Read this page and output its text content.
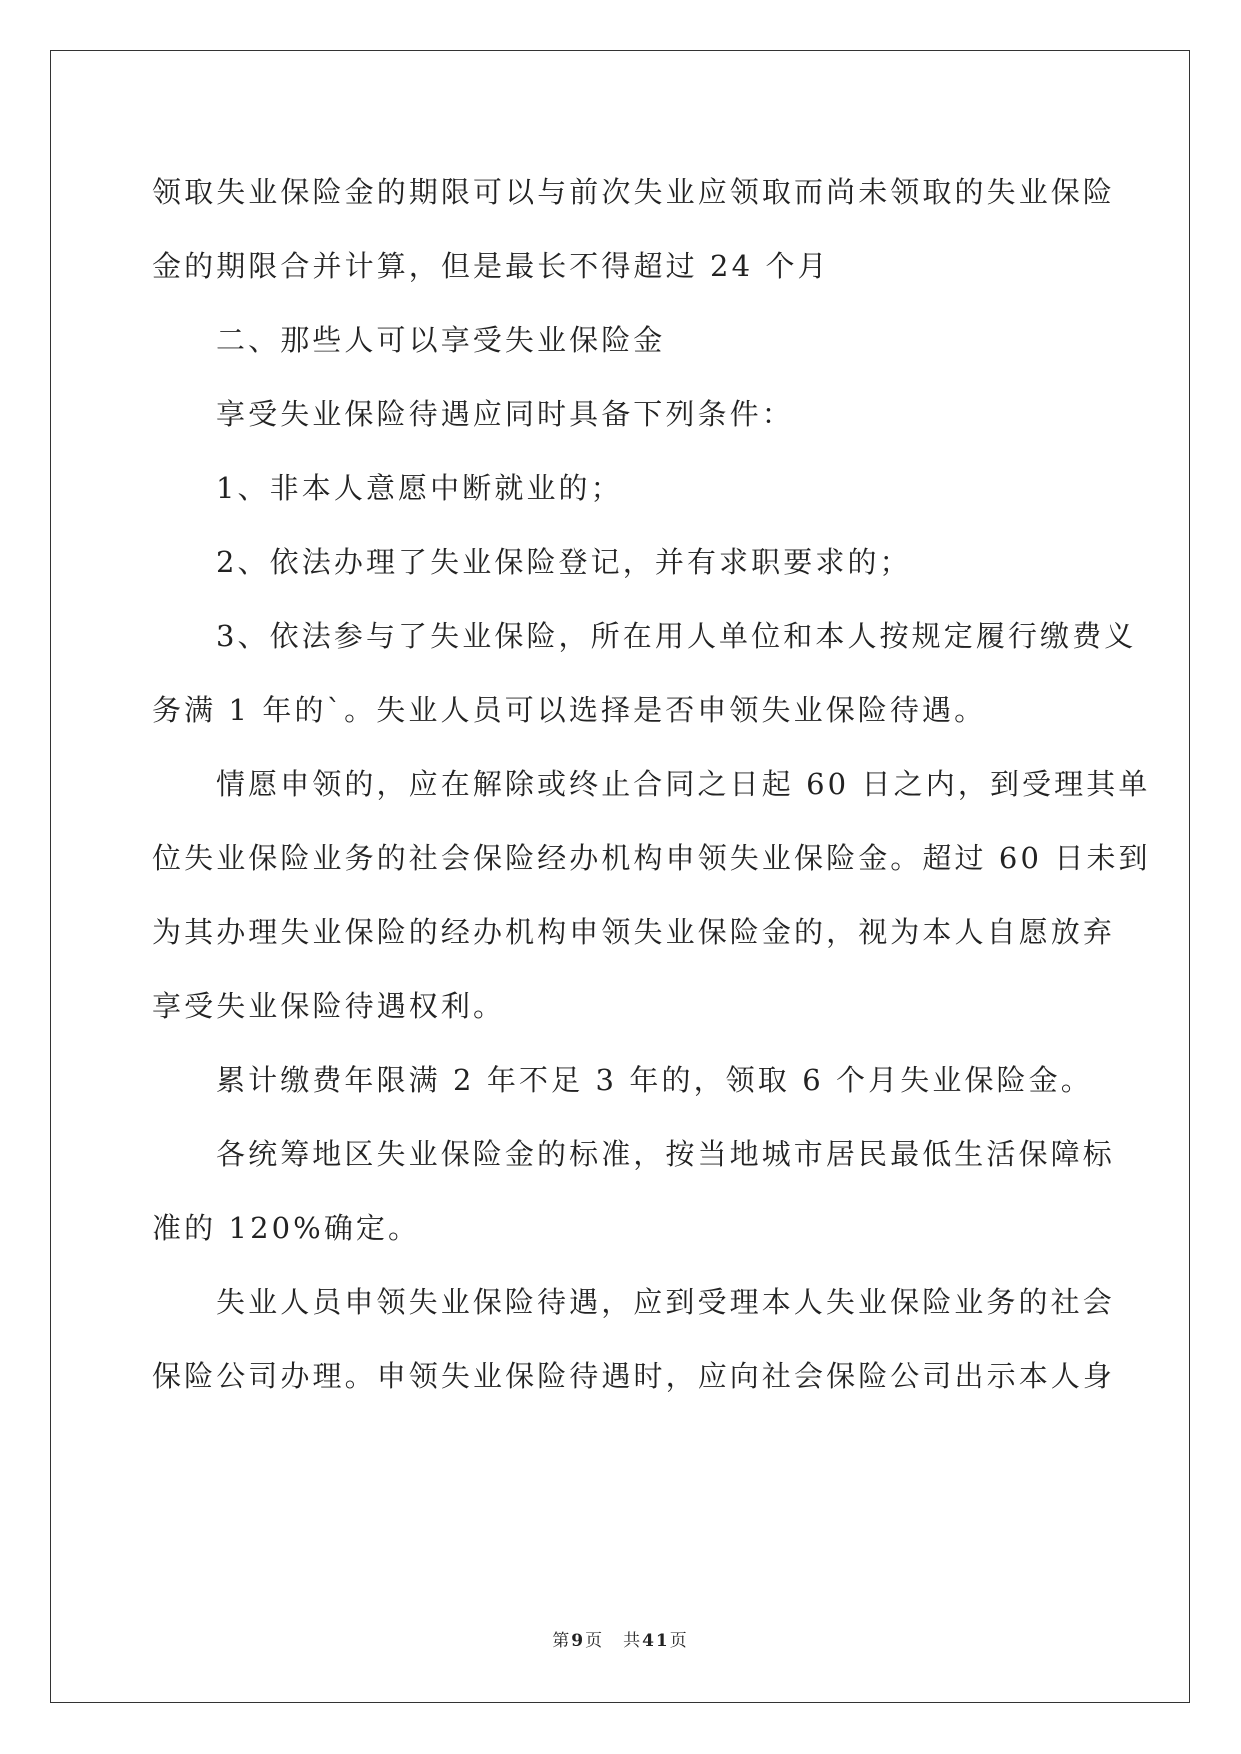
领取失业保险金的期限可以与前次失业应领取而尚未领取的失业保险
金的期限合并计算，但是最长不得超过 24 个月
二、那些人可以享受失业保险金
享受失业保险待遇应同时具备下列条件：
1、非本人意愿中断就业的；
2、依法办理了失业保险登记，并有求职要求的；
3、依法参与了失业保险，所在用人单位和本人按规定履行缴费义
务满 1 年的`。失业人员可以选择是否申领失业保险待遇。
情愿申领的，应在解除或终止合同之日起 60 日之内，到受理其单
位失业保险业务的社会保险经办机构申领失业保险金。超过 60 日未到
为其办理失业保险的经办机构申领失业保险金的，视为本人自愿放弃
享受失业保险待遇权利。
累计缴费年限满 2 年不足 3 年的，领取 6 个月失业保险金。
各统筹地区失业保险金的标准，按当地城市居民最低生活保障标
准的 120%确定。
失业人员申领失业保险待遇，应到受理本人失业保险业务的社会
保险公司办理。申领失业保险待遇时，应向社会保险公司出示本人身
第9页　共41页
